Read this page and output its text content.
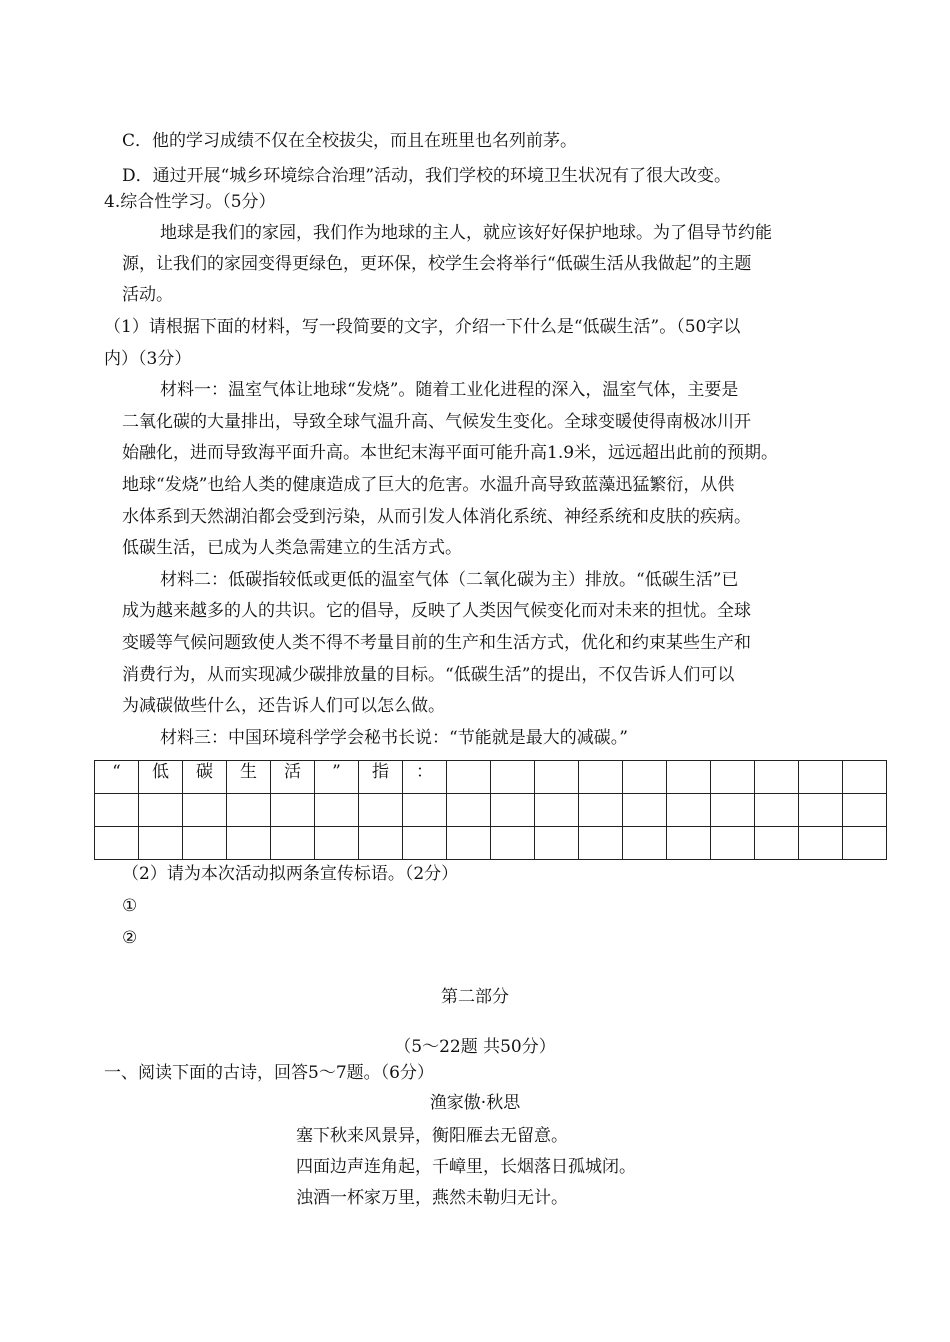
C．他的学习成绩不仅在全校拔尖，而且在班里也名列前茅。
D．通过开展“城乡环境综合治理”活动，我们学校的环境卫生状况有了很大改变。
4.综合性学习。（5分）
地球是我们的家园，我们作为地球的主人，就应该好好保护地球。为了倡导节约能
源，让我们的家园变得更绿色，更环保，校学生会将举行“低碳生活从我做起”的主题
活动。
（1）请根据下面的材料，写一段简要的文字，介绍一下什么是“低碳生活”。（50字以
内）（3分）
材料一：温室气体让地球“发烧”。随着工业化进程的深入，温室气体，主要是
二氧化碳的大量排出，导致全球气温升高、气候发生变化。全球变暖使得南极冰川开
始融化，进而导致海平面升高。本世纪末海平面可能升高1.9米，远远超出此前的预期。
地球“发烧”也给人类的健康造成了巨大的危害。水温升高导致蓝藻迅猛繁衍，从供
水体系到天然湖泊都会受到污染，从而引发人体消化系统、神经系统和皮肤的疾病。
低碳生活，已成为人类急需建立的生活方式。
材料二：低碳指较低或更低的温室气体（二氧化碳为主）排放。“低碳生活”已
成为越来越多的人的共识。它的倡导，反映了人类因气候变化而对未来的担忧。全球
变暖等气候问题致使人类不得不考量目前的生产和生活方式，优化和约束某些生产和
消费行为，从而实现减少碳排放量的目标。“低碳生活”的提出，不仅告诉人们可以
为减碳做些什么，还告诉人们可以怎么做。
材料三：中国环境科学学会秘书长说：“节能就是最大的减碳。”
“	低	碳	生	活	”	指	：										

（2）请为本次活动拟两条宣传标语。（2分）
①
②
第二部分
（5～22题 共50分）
一、阅读下面的古诗，回答5～7题。（6分）
渔家傲·秋思
塞下秋来风景异，衡阳雁去无留意。
四面边声连角起，千嶂里，长烟落日孤城闭。
浊酒一杯家万里，燕然未勒归无计。
